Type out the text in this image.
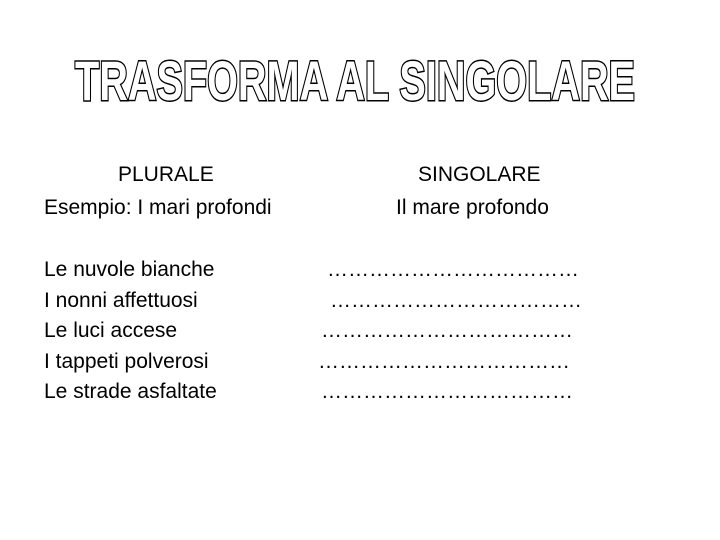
TRASFORMA AL SINGOLARE
PLURALE	SINGOLARE
Esempio: I mari profondi	Il mare profondo
Le nuvole bianche
I nonni affettuosi
Le luci accese
I tappeti polverosi
Le strade asfaltate
………………………………
………………………………
………………………………
………………………………
………………………………
